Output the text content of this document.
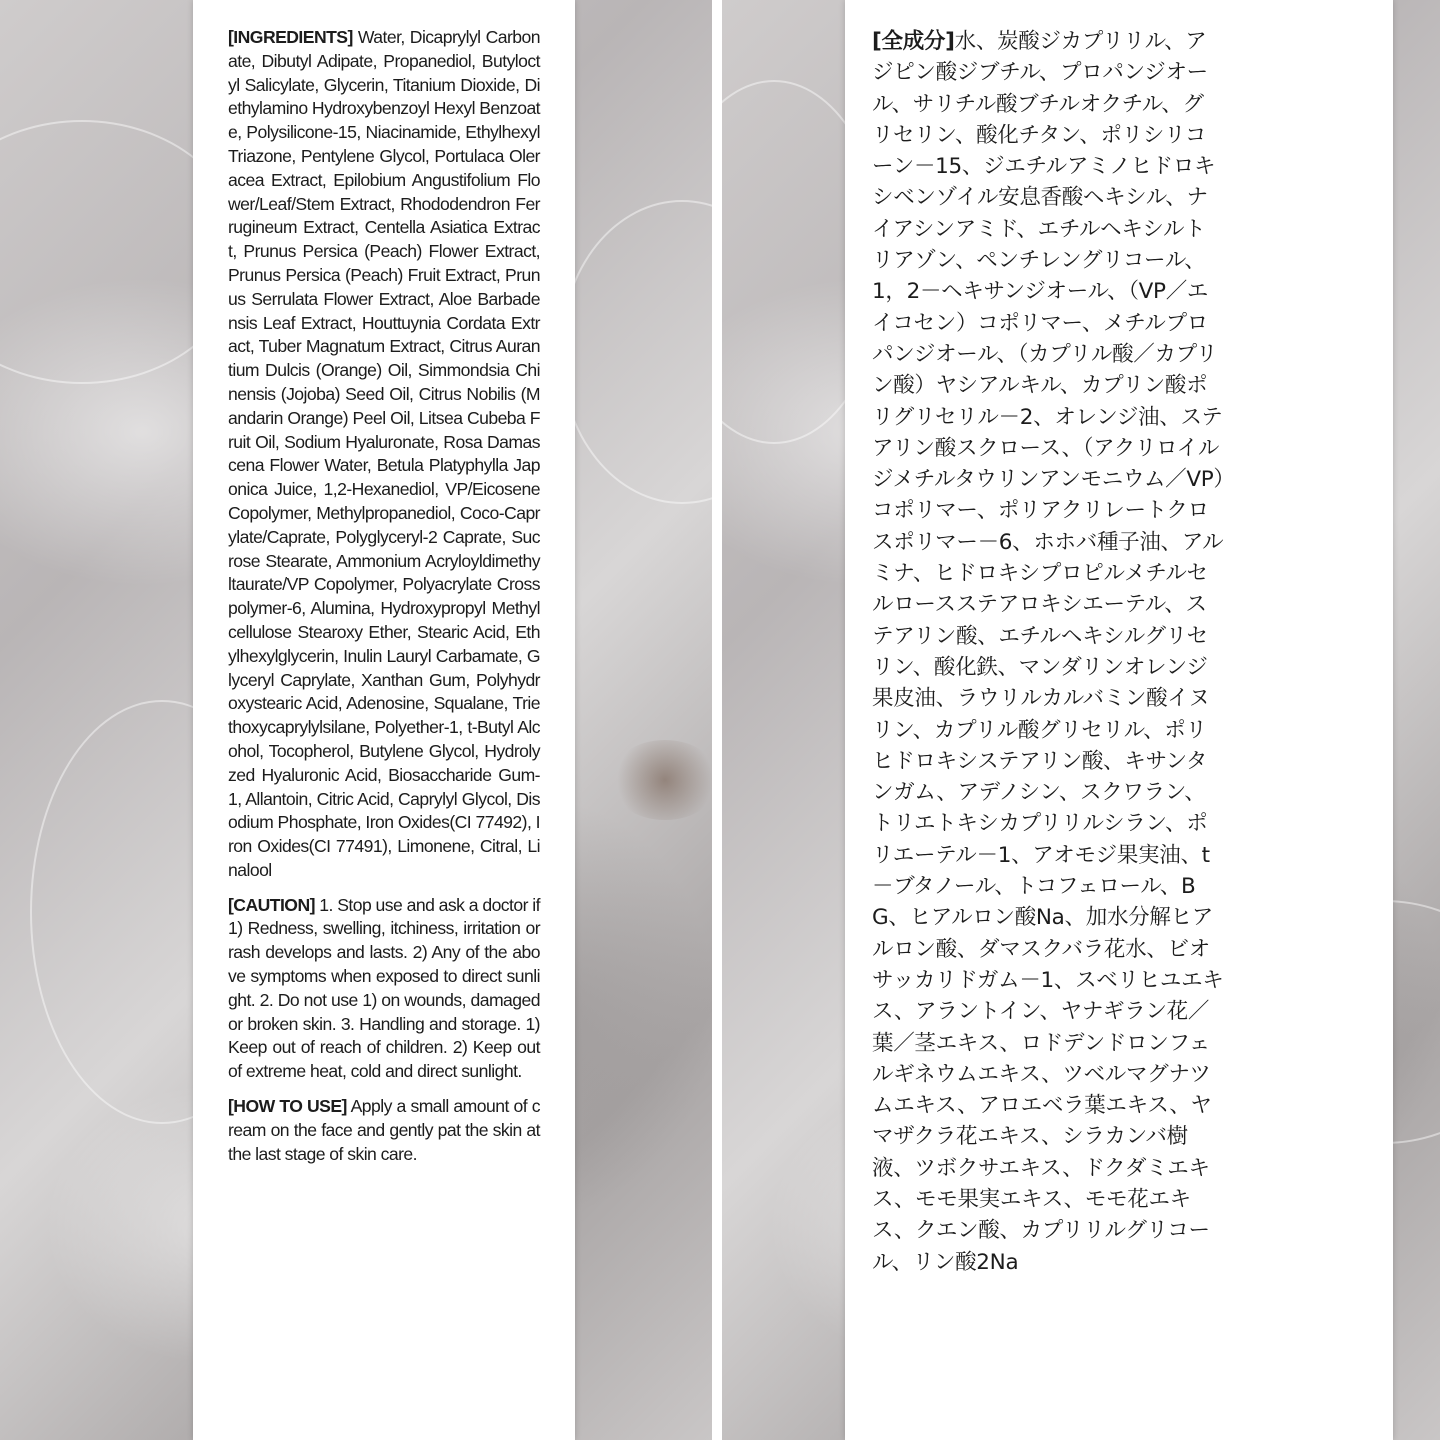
[INGREDIENTS] Water, Dicaprylyl Carbonate, Dibutyl Adipate, Propanediol, Butyloctyl Salicylate, Glycerin, Titanium Dioxide, Diethylamino Hydroxybenzoyl Hexyl Benzoate, Polysilicone-15, Niacinamide, Ethylhexyl Triazone, Pentylene Glycol, Portulaca Oleracea Extract, Epilobium Angustifolium Flower/Leaf/Stem Extract, Rhododendron Ferrugineum Extract, Centella Asiatica Extract, Prunus Persica (Peach) Flower Extract, Prunus Persica (Peach) Fruit Extract, Prunus Serrulata Flower Extract, Aloe Barbadensis Leaf Extract, Houttuynia Cordata Extract, Tuber Magnatum Extract, Citrus Aurantium Dulcis (Orange) Oil, Simmondsia Chinensis (Jojoba) Seed Oil, Citrus Nobilis (Mandarin Orange) Peel Oil, Litsea Cubeba Fruit Oil, Sodium Hyaluronate, Rosa Damascena Flower Water, Betula Platyphylla Japonica Juice, 1,2-Hexanediol, VP/Eicosene Copolymer, Methylpropanediol, Coco-Caprylate/Caprate, Polyglyceryl-2 Caprate, Sucrose Stearate, Ammonium Acryloyldimethyltaurate/VP Copolymer, Polyacrylate Crosspolymer-6, Alumina, Hydroxypropyl Methylcellulose Stearoxy Ether, Stearic Acid, Ethylhexylglycerin, Inulin Lauryl Carbamate, Glyceryl Caprylate, Xanthan Gum, Polyhydroxystearic Acid, Adenosine, Squalane, Triethoxycaprylylsilane, Polyether-1, t-Butyl Alcohol, Tocopherol, Butylene Glycol, Hydrolyzed Hyaluronic Acid, Biosaccharide Gum-1, Allantoin, Citric Acid, Caprylyl Glycol, Disodium Phosphate, Iron Oxides(CI 77492), Iron Oxides(CI 77491), Limonene, Citral, Linalool

[CAUTION] 1. Stop use and ask a doctor if 1) Redness, swelling, itchiness, irritation or rash develops and lasts. 2) Any of the above symptoms when exposed to direct sunlight. 2. Do not use 1) on wounds, damaged or broken skin. 3. Handling and storage. 1) Keep out of reach of children. 2) Keep out of extreme heat, cold and direct sunlight.

[HOW TO USE] Apply a small amount of cream on the face and gently pat the skin at the last stage of skin care.

[全成分]水、炭酸ジカプリリル、アジピン酸ジブチル、プロパンジオール、サリチル酸ブチルオクチル、グリセリン、酸化チタン、ポリシリコーン－15、ジエチルアミノヒドロキシベンゾイル安息香酸ヘキシル、ナイアシンアミド、エチルヘキシルトリアゾン、ペンチレングリコール、1，2－ヘキサンジオール、（VP／エイコセン）コポリマー、メチルプロパンジオール、（カプリル酸／カプリン酸）ヤシアルキル、カプリン酸ポリグリセリル－2、オレンジ油、ステアリン酸スクロース、（アクリロイルジメチルタウリンアンモニウム／VP）コポリマー、ポリアクリレートクロスポリマー－6、ホホバ種子油、アルミナ、ヒドロキシプロピルメチルセルロースステアロキシエーテル、ステアリン酸、エチルヘキシルグリセリン、酸化鉄、マンダリンオレンジ果皮油、ラウリルカルバミン酸イヌリン、カプリル酸グリセリル、ポリヒドロキシステアリン酸、キサンタンガム、アデノシン、スクワラン、トリエトキシカプリリルシラン、ポリエーテル－1、アオモジ果実油、t－ブタノール、トコフェロール、BG、ヒアルロン酸Na、加水分解ヒアルロン酸、ダマスクバラ花水、ビオサッカリドガム－1、スベリヒユエキス、アラントイン、ヤナギラン花／葉／茎エキス、ロドデンドロンフェルギネウムエキス、ツベルマグナツムエキス、アロエベラ葉エキス、ヤマザクラ花エキス、シラカンバ樹液、ツボクサエキス、ドクダミエキス、モモ果実エキス、モモ花エキス、クエン酸、カプリリルグリコール、リン酸2Na
